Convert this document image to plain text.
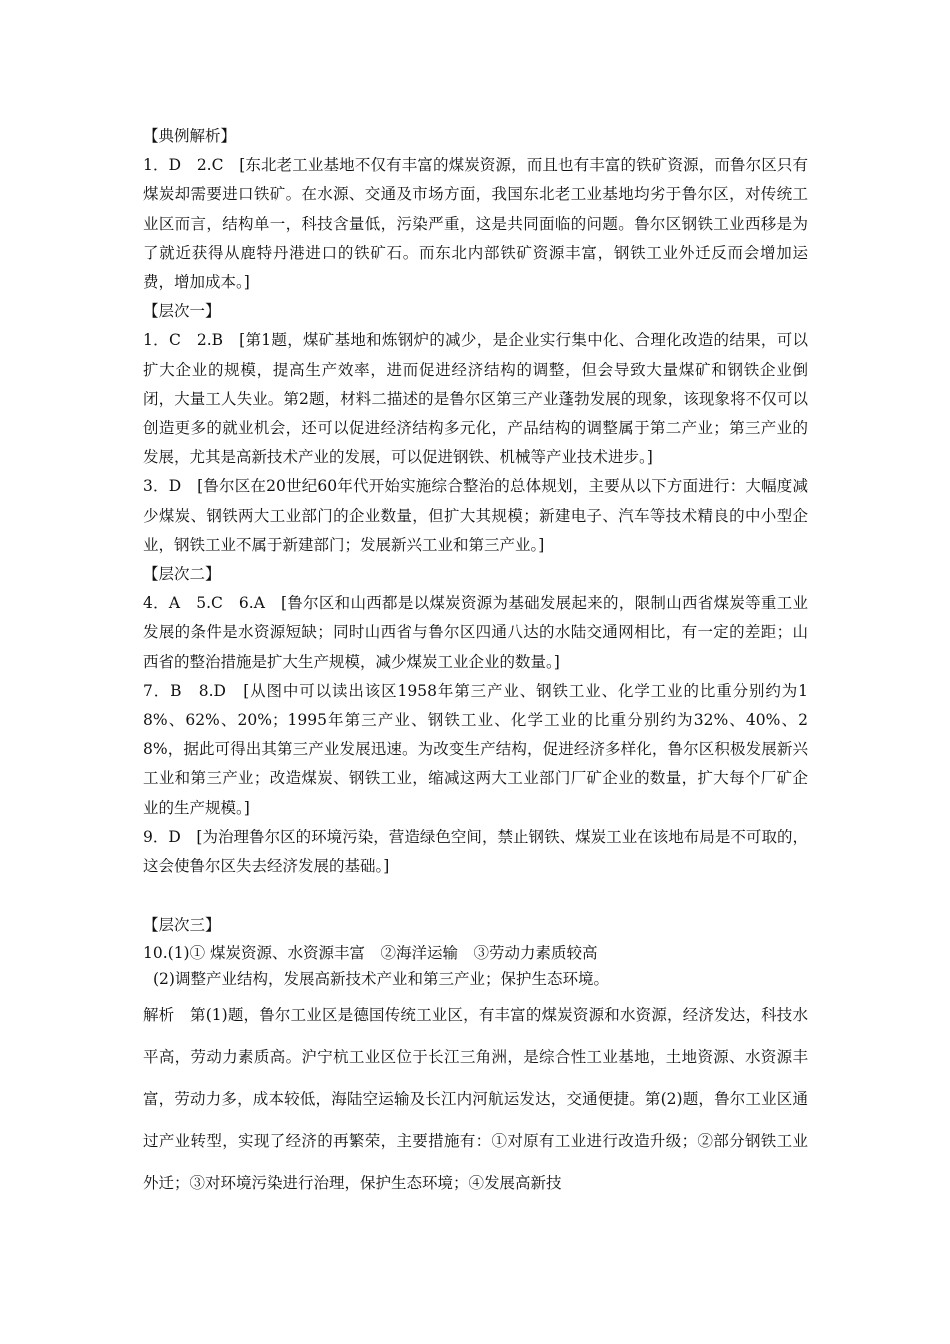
【典例解析】

1．D　2.C　[东北老工业基地不仅有丰富的煤炭资源，而且也有丰富的铁矿资源，而鲁尔区只有煤炭却需要进口铁矿。在水源、交通及市场方面，我国东北老工业基地均劣于鲁尔区，对传统工业区而言，结构单一，科技含量低，污染严重，这是共同面临的问题。鲁尔区钢铁工业西移是为了就近获得从鹿特丹港进口的铁矿石。而东北内部铁矿资源丰富，钢铁工业外迁反而会增加运费，增加成本。]

【层次一】

1．C　2.B　[第1题，煤矿基地和炼钢炉的减少，是企业实行集中化、合理化改造的结果，可以扩大企业的规模，提高生产效率，进而促进经济结构的调整，但会导致大量煤矿和钢铁企业倒闭，大量工人失业。第2题，材料二描述的是鲁尔区第三产业蓬勃发展的现象，该现象将不仅可以创造更多的就业机会，还可以促进经济结构多元化，产品结构的调整属于第二产业；第三产业的发展，尤其是高新技术产业的发展，可以促进钢铁、机械等产业技术进步。]

3．D　[鲁尔区在20世纪60年代开始实施综合整治的总体规划，主要从以下方面进行：大幅度减少煤炭、钢铁两大工业部门的企业数量，但扩大其规模；新建电子、汽车等技术精良的中小型企业，钢铁工业不属于新建部门；发展新兴工业和第三产业。]

【层次二】

4．A　5.C　6.A　[鲁尔区和山西都是以煤炭资源为基础发展起来的，限制山西省煤炭等重工业发展的条件是水资源短缺；同时山西省与鲁尔区四通八达的水陆交通网相比，有一定的差距；山西省的整治措施是扩大生产规模，减少煤炭工业企业的数量。]

7．B　8.D　[从图中可以读出该区1958年第三产业、钢铁工业、化学工业的比重分别约为18%、62%、20%；1995年第三产业、钢铁工业、化学工业的比重分别约为32%、40%、28%，据此可得出其第三产业发展迅速。为改变生产结构，促进经济多样化，鲁尔区积极发展新兴工业和第三产业；改造煤炭、钢铁工业，缩减这两大工业部门厂矿企业的数量，扩大每个厂矿企业的生产规模。]

9．D　[为治理鲁尔区的环境污染，营造绿色空间，禁止钢铁、煤炭工业在该地布局是不可取的，这会使鲁尔区失去经济发展的基础。]

【层次三】

10.(1)① 煤炭资源、水资源丰富　②海洋运输　③劳动力素质较高

(2)调整产业结构，发展高新技术产业和第三产业；保护生态环境。

解析　第(1)题，鲁尔工业区是德国传统工业区，有丰富的煤炭资源和水资源，经济发达，科技水平高，劳动力素质高。沪宁杭工业区位于长江三角洲，是综合性工业基地，土地资源、水资源丰富，劳动力多，成本较低，海陆空运输及长江内河航运发达，交通便捷。第(2)题，鲁尔工业区通过产业转型，实现了经济的再繁荣，主要措施有：①对原有工业进行改造升级；②部分钢铁工业外迁；③对环境污染进行治理，保护生态环境；④发展高新技
